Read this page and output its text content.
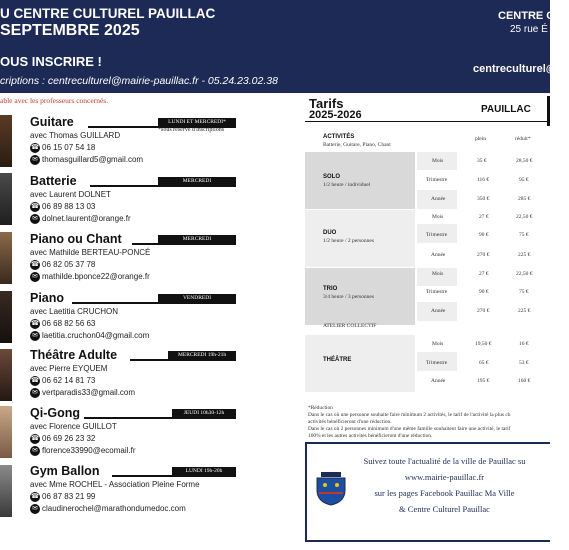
U CENTRE CULTUREL PAUILLAC
SEPTEMBRE 2025
OUS INSCRIRE !
criptions : centreculturel@mairie-pauillac.fr - 05.24.23.02.38
CENTRE CUL
25 rue É
centreculturel@
able avec les professeurs concernés.
Guitare	LUNDI ET MERCREDI*
*sous réserve d'inscriptions
avec Thomas GUILLARD
☎ 06 15 07 54 18
✉ thomasguillard5@gmail.com
Batterie	MERCREDI
avec Laurent DOLNET
☎ 06 89 88 13 03
✉ dolnet.laurent@orange.fr
Piano ou Chant	MERCREDI
avec Mathilde BERTEAU-PONCÉ
☎ 06 82 05 37 78
✉ mathilde.bponce22@orange.fr
Piano	VENDREDI
avec Laetitia CRUCHON
☎ 06 68 82 56 63
✉ laetitia.cruchon04@gmail.com
Théâtre Adulte	MERCREDI 19h-21h
avec Pierre EYQUEM
☎ 06 62 14 81 73
✉ vertparadis33@gmail.com
Qi-Gong	JEUDI 10h30-12h
avec Florence GUILLOT
☎ 06 69 26 23 32
✉ florence33990@ecomail.fr
Gym Ballon	LUNDI 19h-20h
avec Mme ROCHEL - Association Pleine Forme
☎ 06 87 83 21 99
✉ claudinerochel@marathondumedoc.com
Tarifs
2025-2026	PAUILLAC
plein	réduit*
ACTIVITÉS
Batterie, Guitare, Piano, Chant
SOLO
1/2 heure / individuel
Mois	35 €	28,50 €
Trimestre	116 €	95 €
Année	350 €	285 €
DUO
1/2 heure / 2 personnes
Mois	27 €	22,50 €
Trimestre	90 €	75 €
Année	270 €	225 €
TRIO
3/4 heure / 3 personnes
Mois	27 €	22,50 €
Trimestre	90 €	75 €
Année	270 €	225 €
ATELIER COLLECTIF
THÉÂTRE
Mois	19,50 €	16 €
Trimestre	65 €	53 €
Année	195 €	160 €
*Réduction
Dans le cas où une personne souhaite faire minimum 2 activités, le tarif de l'activité la plus ch
activités bénéficieront d'une réduction.
Dans le cas où 2 personnes minimum d'une même famille souhaitent faire une activité, le tarif
100% et les autres activités bénéficieront d'une réduction.
Suivez toute l'actualité de la ville de Pauillac su
www.mairie-pauillac.fr
sur les pages Facebook Pauillac Ma Ville
& Centre Culturel Pauillac
